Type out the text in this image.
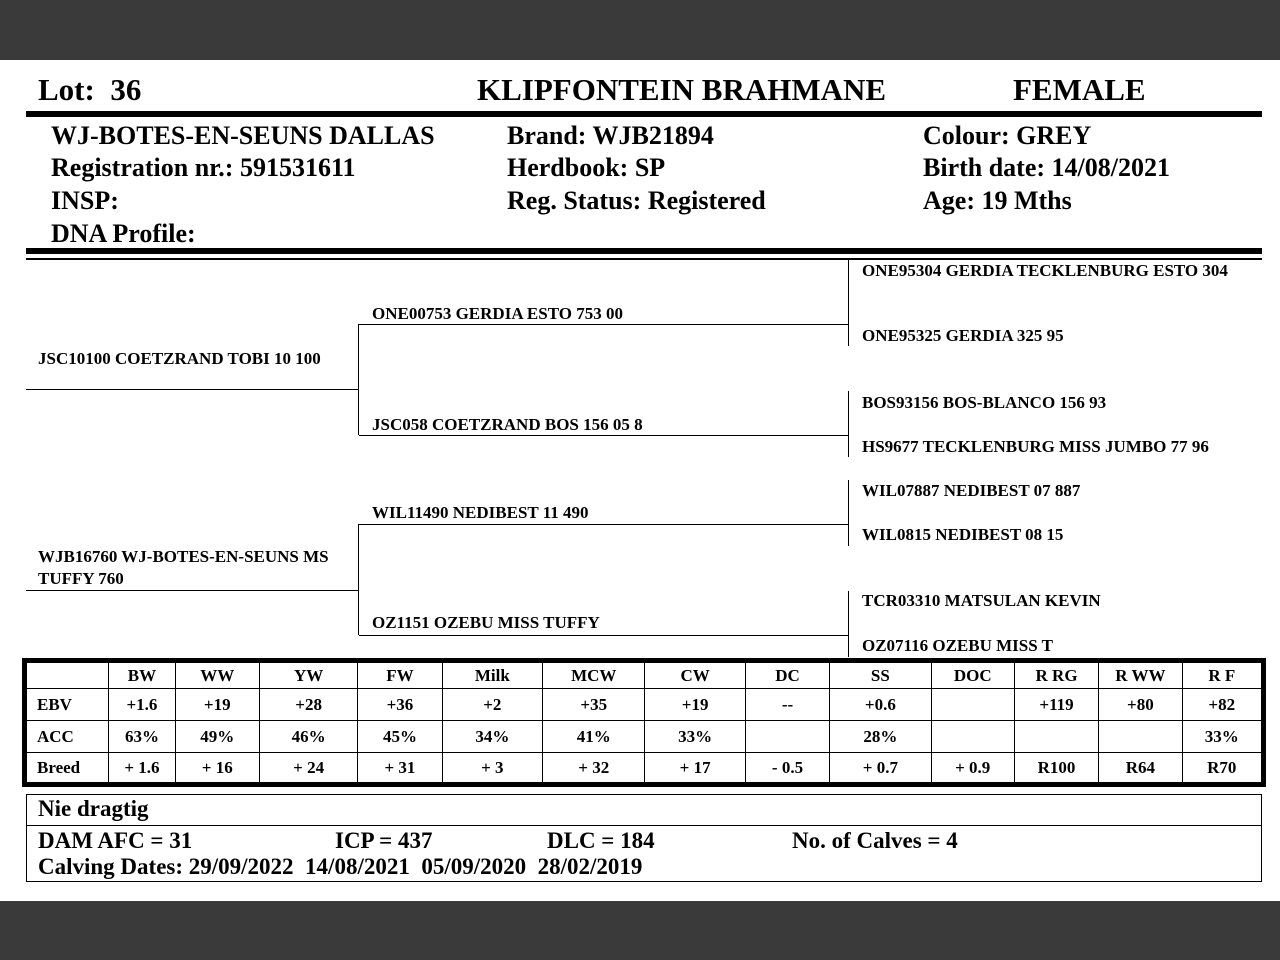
Lot: 36	KLIPFONTEIN BRAHMANE	FEMALE
WJ-BOTES-EN-SEUNS DALLAS
Registration nr.: 591531611
INSP:
DNA Profile:
Brand: WJB21894
Herdbook: SP
Reg. Status: Registered
Colour: GREY
Birth date: 14/08/2021
Age: 19 Mths
JSC10100 COETZRAND TOBI 10 100
WJB16760 WJ-BOTES-EN-SEUNS MS TUFFY 760
ONE00753 GERDIA ESTO 753 00
JSC058 COETZRAND BOS 156 05 8
WIL11490 NEDIBEST 11 490
OZ1151 OZEBU MISS TUFFY
ONE95304 GERDIA TECKLENBURG ESTO 304
ONE95325 GERDIA 325 95
BOS93156 BOS-BLANCO 156 93
HS9677 TECKLENBURG MISS JUMBO 77 96
WIL07887 NEDIBEST 07 887
WIL0815 NEDIBEST 08 15
TCR03310 MATSULAN KEVIN
OZ07116 OZEBU MISS T
	BW	WW	YW	FW	Milk	MCW	CW	DC	SS	DOC	R RG	R WW	R F
EBV	+1.6	+19	+28	+36	+2	+35	+19	--	+0.6		+119	+80	+82
ACC	63%	49%	46%	45%	34%	41%	33%		28%				33%
Breed	+ 1.6	+ 16	+ 24	+ 31	+ 3	+ 32	+ 17	- 0.5	+ 0.7	+ 0.9	R100	R64	R70
Nie dragtig
DAM AFC = 31	ICP = 437	DLC = 184	No. of Calves = 4
Calving Dates: 29/09/2022  14/08/2021  05/09/2020  28/02/2019
